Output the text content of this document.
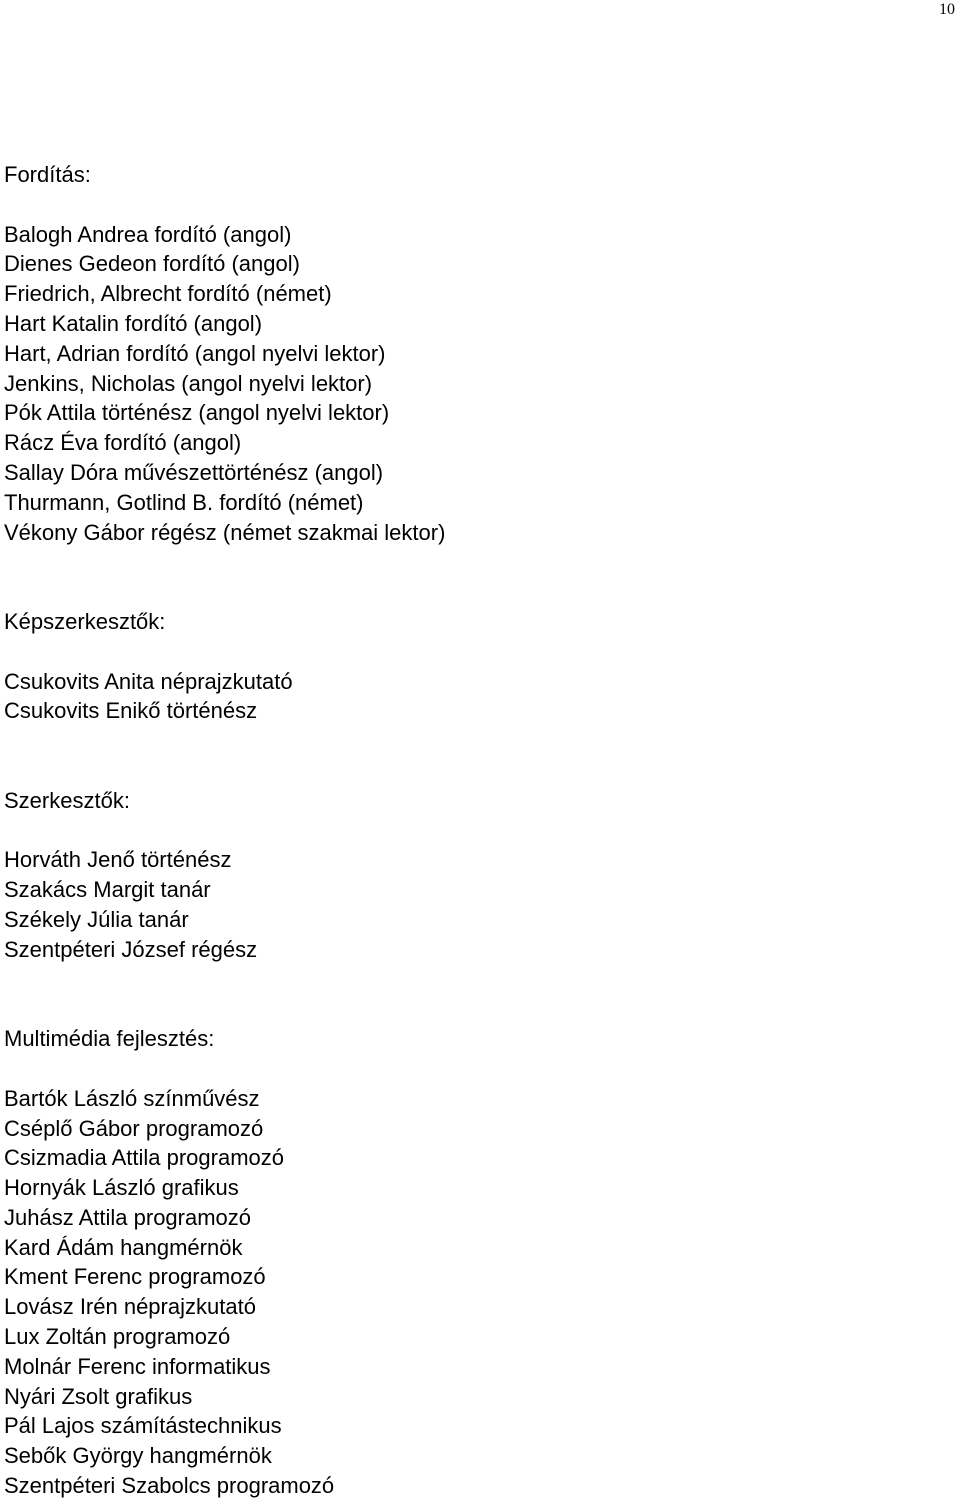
10
Fordítás:
Balogh Andrea fordító (angol)
Dienes Gedeon fordító (angol)
Friedrich, Albrecht fordító (német)
Hart Katalin fordító (angol)
Hart, Adrian fordító (angol nyelvi lektor)
Jenkins, Nicholas (angol nyelvi lektor)
Pók Attila történész (angol nyelvi lektor)
Rácz Éva fordító (angol)
Sallay Dóra művészettörténész (angol)
Thurmann, Gotlind B. fordító (német)
Vékony Gábor régész (német szakmai lektor)
Képszerkesztők:
Csukovits Anita néprajzkutató
Csukovits Enikő történész
Szerkesztők:
Horváth Jenő történész
Szakács Margit tanár
Székely Júlia tanár
Szentpéteri József régész
Multimédia fejlesztés:
Bartók László színművész
Cséplő Gábor programozó
Csizmadia Attila programozó
Hornyák László grafikus
Juhász Attila programozó
Kard Ádám hangmérnök
Kment Ferenc programozó
Lovász Irén néprajzkutató
Lux Zoltán programozó
Molnár Ferenc informatikus
Nyári Zsolt grafikus
Pál Lajos számítástechnikus
Sebők György hangmérnök
Szentpéteri Szabolcs programozó
